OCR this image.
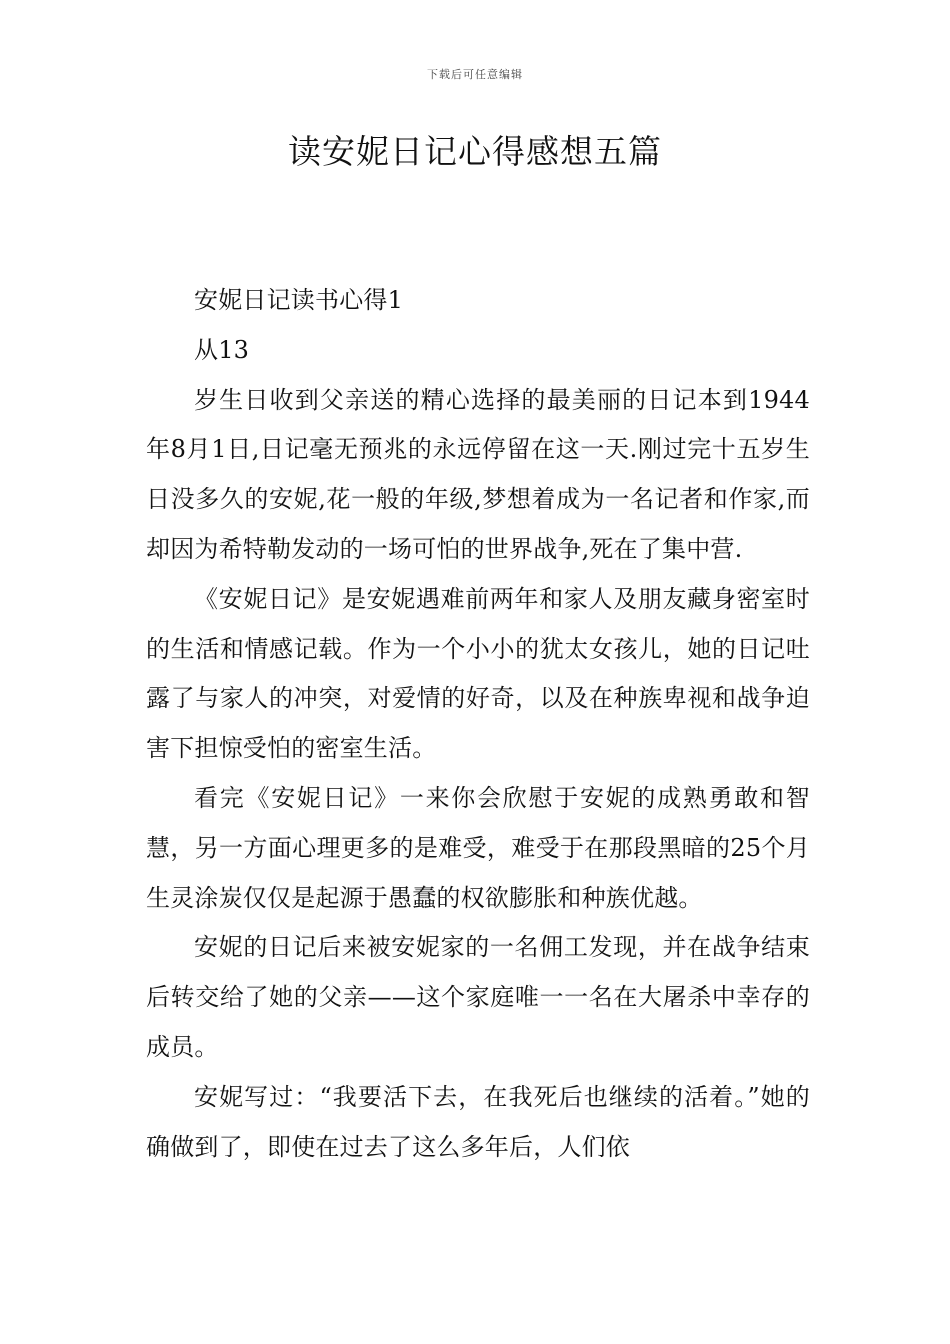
下载后可任意编辑
读安妮日记心得感想五篇

安妮日记读书心得1

从13

岁生日收到父亲送的精心选择的最美丽的日记本到1944年8月1日,日记毫无预兆的永远停留在这一天.刚过完十五岁生日没多久的安妮,花一般的年级,梦想着成为一名记者和作家,而却因为希特勒发动的一场可怕的世界战争,死在了集中营.

《安妮日记》是安妮遇难前两年和家人及朋友藏身密室时的生活和情感记载。作为一个小小的犹太女孩儿，她的日记吐露了与家人的冲突，对爱情的好奇，以及在种族卑视和战争迫害下担惊受怕的密室生活。

看完《安妮日记》一来你会欣慰于安妮的成熟勇敢和智慧，另一方面心理更多的是难受，难受于在那段黑暗的25个月生灵涂炭仅仅是起源于愚蠢的权欲膨胀和种族优越。

安妮的日记后来被安妮家的一名佣工发现，并在战争结束后转交给了她的父亲——这个家庭唯一一名在大屠杀中幸存的成员。

安妮写过：“我要活下去，在我死后也继续的活着。”她的确做到了，即使在过去了这么多年后，人们依
